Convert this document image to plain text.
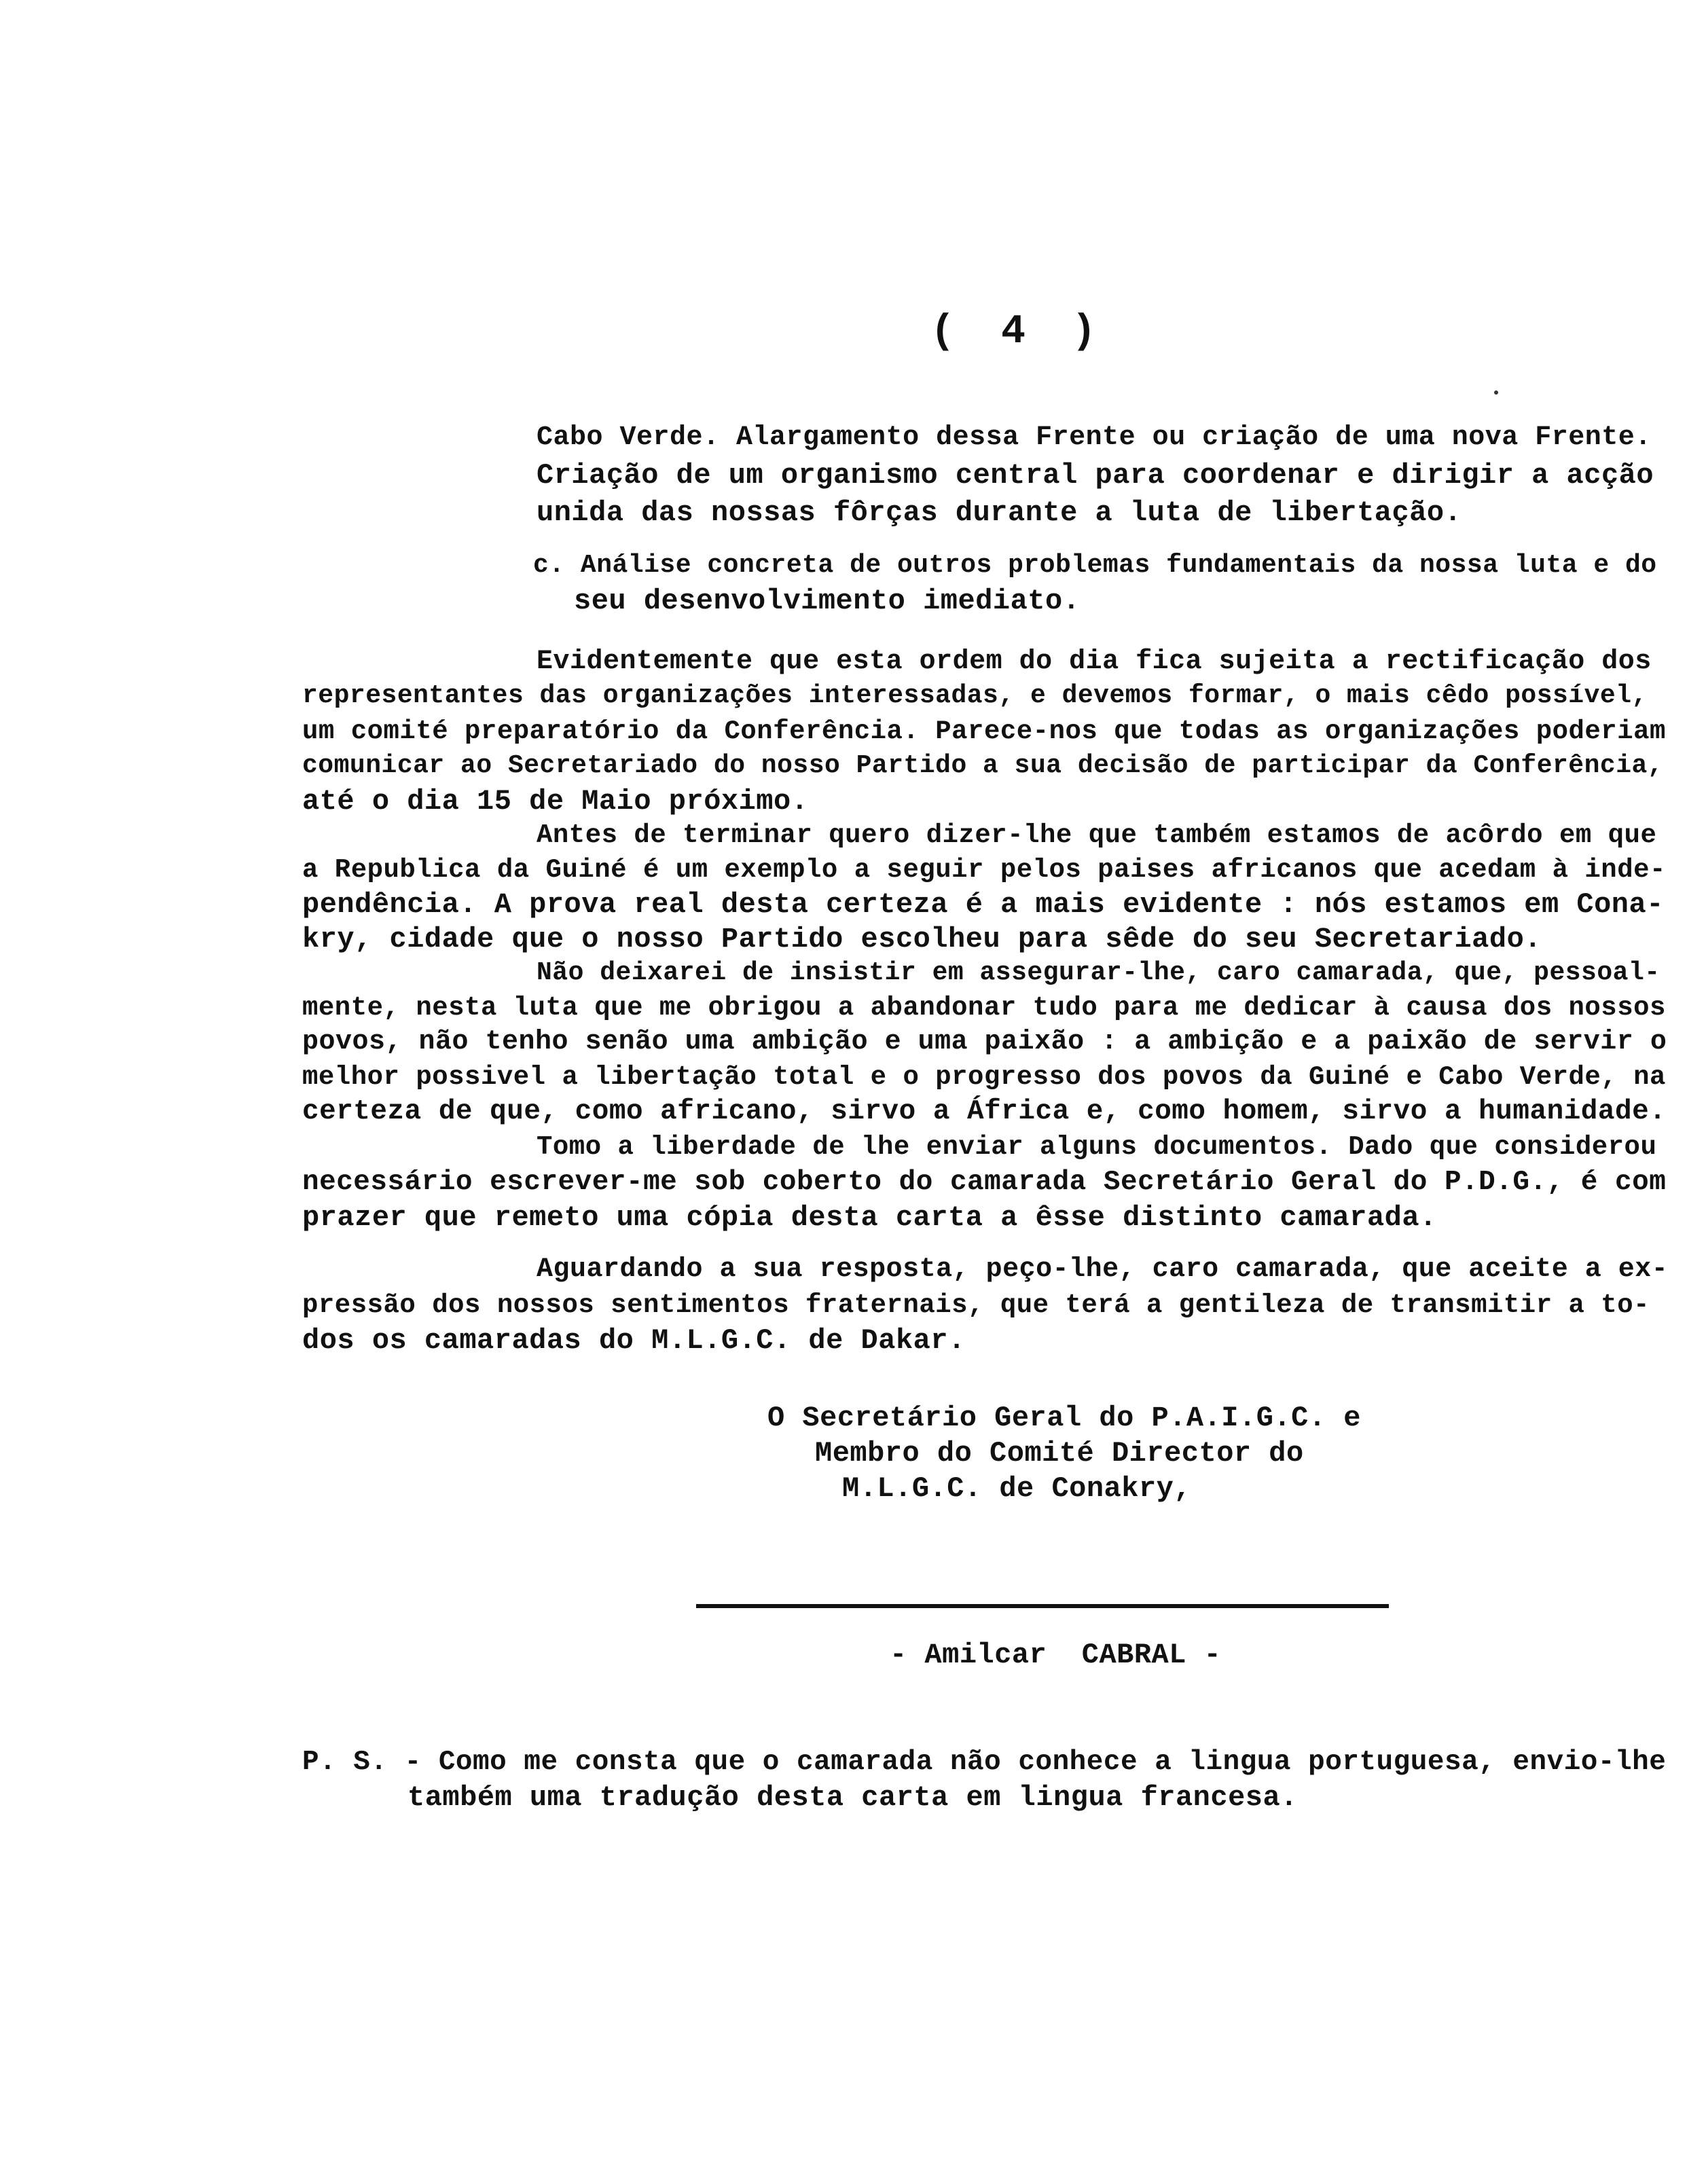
( 4 )
Cabo Verde. Alargamento dessa Frente ou criação de uma nova Frente.
Criação de um organismo central para coordenar e dirigir a acção
unida das nossas fôrças durante a luta de libertação.
c. Análise concreta de outros problemas fundamentais da nossa luta e do
seu desenvolvimento imediato.
Evidentemente que esta ordem do dia fica sujeita a rectificação dos
representantes das organizações interessadas, e devemos formar, o mais cêdo possível,
um comité preparatório da Conferência. Parece-nos que todas as organizações poderiam
comunicar ao Secretariado do nosso Partido a sua decisão de participar da Conferência,
até o dia 15 de Maio próximo.
Antes de terminar quero dizer-lhe que também estamos de acôrdo em que
a Republica da Guiné é um exemplo a seguir pelos paises africanos que acedam à inde-
pendência. A prova real desta certeza é a mais evidente : nós estamos em Cona-
kry, cidade que o nosso Partido escolheu para sêde do seu Secretariado.
Não deixarei de insistir em assegurar-lhe, caro camarada, que, pessoal-
mente, nesta luta que me obrigou a abandonar tudo para me dedicar à causa dos nossos
povos, não tenho senão uma ambição e uma paixão : a ambição e a paixão de servir o
melhor possivel a libertação total e o progresso dos povos da Guiné e Cabo Verde, na
certeza de que, como africano, sirvo a África e, como homem, sirvo a humanidade.
Tomo a liberdade de lhe enviar alguns documentos. Dado que considerou
necessário escrever-me sob coberto do camarada Secretário Geral do P.D.G., é com
prazer que remeto uma cópia desta carta a êsse distinto camarada.
Aguardando a sua resposta, peço-lhe, caro camarada, que aceite a ex-
pressão dos nossos sentimentos fraternais, que terá a gentileza de transmitir a to-
dos os camaradas do M.L.G.C. de Dakar.
O Secretário Geral do P.A.I.G.C. e
Membro do Comité Director do
M.L.G.C. de Conakry,
- Amilcar  CABRAL -
P. S. - Como me consta que o camarada não conhece a lingua portuguesa, envio-lhe
também uma tradução desta carta em lingua francesa.
